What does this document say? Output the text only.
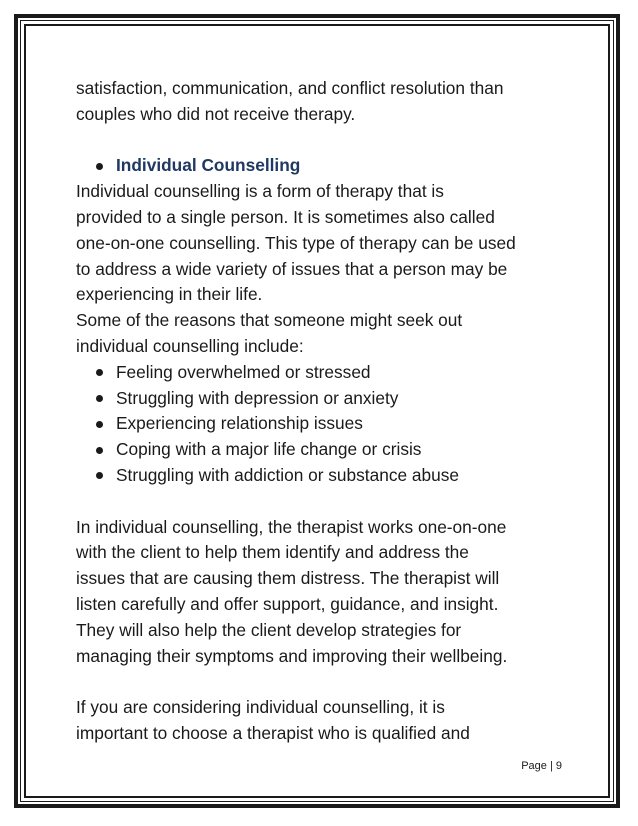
satisfaction, communication, and conflict resolution than

couples who did not receive therapy.

Individual Counselling

Individual counselling is a form of therapy that is

provided to a single person. It is sometimes also called

one-on-one counselling. This type of therapy can be used

to address a wide variety of issues that a person may be

experiencing in their life.

Some of the reasons that someone might seek out

individual counselling include:

Feeling overwhelmed or stressed
Struggling with depression or anxiety
Experiencing relationship issues
Coping with a major life change or crisis
Struggling with addiction or substance abuse

In individual counselling, the therapist works one-on-one

with the client to help them identify and address the

issues that are causing them distress. The therapist will

listen carefully and offer support, guidance, and insight.

They will also help the client develop strategies for

managing their symptoms and improving their wellbeing.

If you are considering individual counselling, it is

important to choose a therapist who is qualified and

Page | 9
